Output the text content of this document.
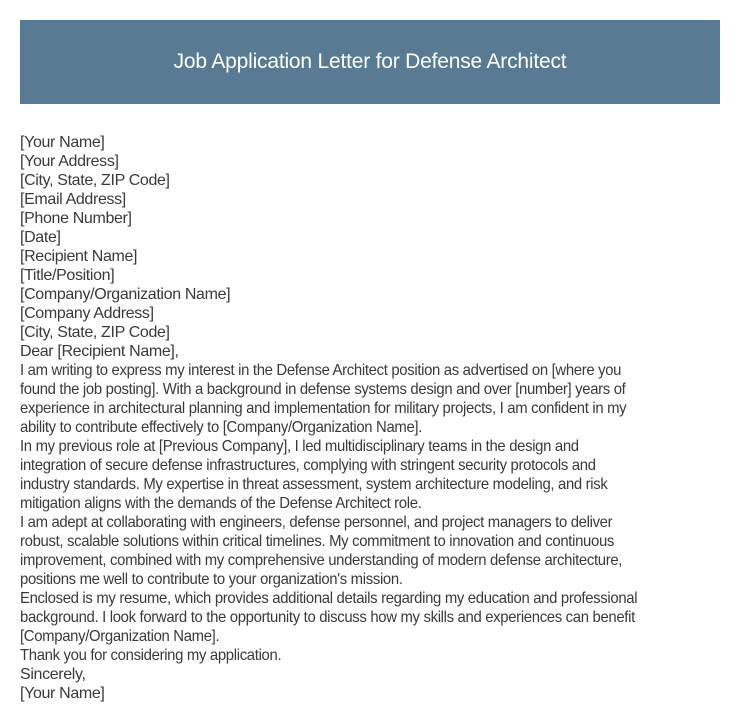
Job Application Letter for Defense Architect
[Your Name]
[Your Address]
[City, State, ZIP Code]
[Email Address]
[Phone Number]
[Date]
[Recipient Name]
[Title/Position]
[Company/Organization Name]
[Company Address]
[City, State, ZIP Code]
Dear [Recipient Name],
I am writing to express my interest in the Defense Architect position as advertised on [where you
found the job posting]. With a background in defense systems design and over [number] years of
experience in architectural planning and implementation for military projects, I am confident in my
ability to contribute effectively to [Company/Organization Name].
In my previous role at [Previous Company], I led multidisciplinary teams in the design and
integration of secure defense infrastructures, complying with stringent security protocols and
industry standards. My expertise in threat assessment, system architecture modeling, and risk
mitigation aligns with the demands of the Defense Architect role.
I am adept at collaborating with engineers, defense personnel, and project managers to deliver
robust, scalable solutions within critical timelines. My commitment to innovation and continuous
improvement, combined with my comprehensive understanding of modern defense architecture,
positions me well to contribute to your organization's mission.
Enclosed is my resume, which provides additional details regarding my education and professional
background. I look forward to the opportunity to discuss how my skills and experiences can benefit
[Company/Organization Name].
Thank you for considering my application.
Sincerely,
[Your Name]
